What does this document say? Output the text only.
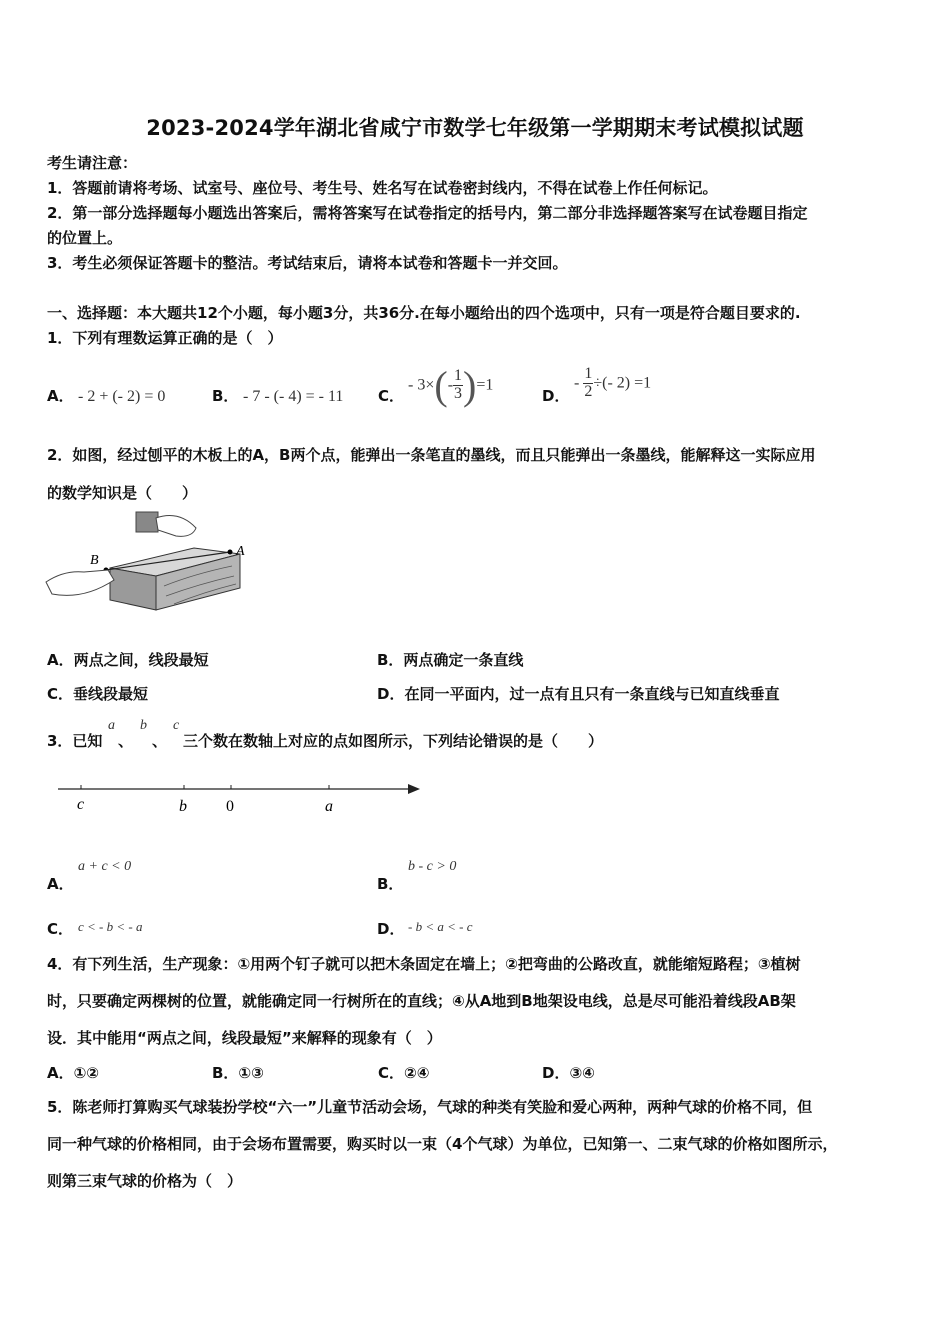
2023-2024学年湖北省咸宁市数学七年级第一学期期末考试模拟试题
考生请注意：
1．答题前请将考场、试室号、座位号、考生号、姓名写在试卷密封线内，不得在试卷上作任何标记。
2．第一部分选择题每小题选出答案后，需将答案写在试卷指定的括号内，第二部分非选择题答案写在试卷题目指定
的位置上。
3．考生必须保证答题卡的整洁。考试结束后，请将本试卷和答题卡一并交回。
一、选择题：本大题共12个小题，每小题3分，共36分.在每小题给出的四个选项中，只有一项是符合题目要求的.
1．下列有理数运算正确的是（　）
A． - 2 + (- 2) = 0	B． - 7 - (- 4) = - 11 C．
- $3\times(- \frac{1}{3} )=1$
D．
- $\frac{1}{2}$ ÷(- 2) =1
2．如图，经过刨平的木板上的A，B两个点，能弹出一条笔直的墨线，而且只能弹出一条墨线，能解释这一实际应用
的数学知识是（　　）
A
B
A．两点之间，线段最短	B．两点确定一条直线
C．垂线段最短	D．在同一平面内，过一点有且只有一条直线与已知直线垂直
3．已知
a
、
b
、
c
三个数在数轴上对应的点如图所示，下列结论错误的是（　　）
c	b 0	a
A．
a + c < 0
B．
b - c > 0
C． c < - b < - a	D． - b < a < - c
4．有下列生活，生产现象：①用两个钉子就可以把木条固定在墙上；②把弯曲的公路改直，就能缩短路程；③植树
时，只要确定两棵树的位置，就能确定同一行树所在的直线；④从A地到B地架设电线，总是尽可能沿着线段AB架
设．其中能用“两点之间，线段最短”来解释的现象有（　）
A．①②	B．①③	C．②④	D．③④
5．陈老师打算购买气球装扮学校“六一”儿童节活动会场，气球的种类有笑脸和爱心两种，两种气球的价格不同，但
同一种气球的价格相同，由于会场布置需要，购买时以一束（4个气球）为单位，已知第一、二束气球的价格如图所示，
则第三束气球的价格为（　）
